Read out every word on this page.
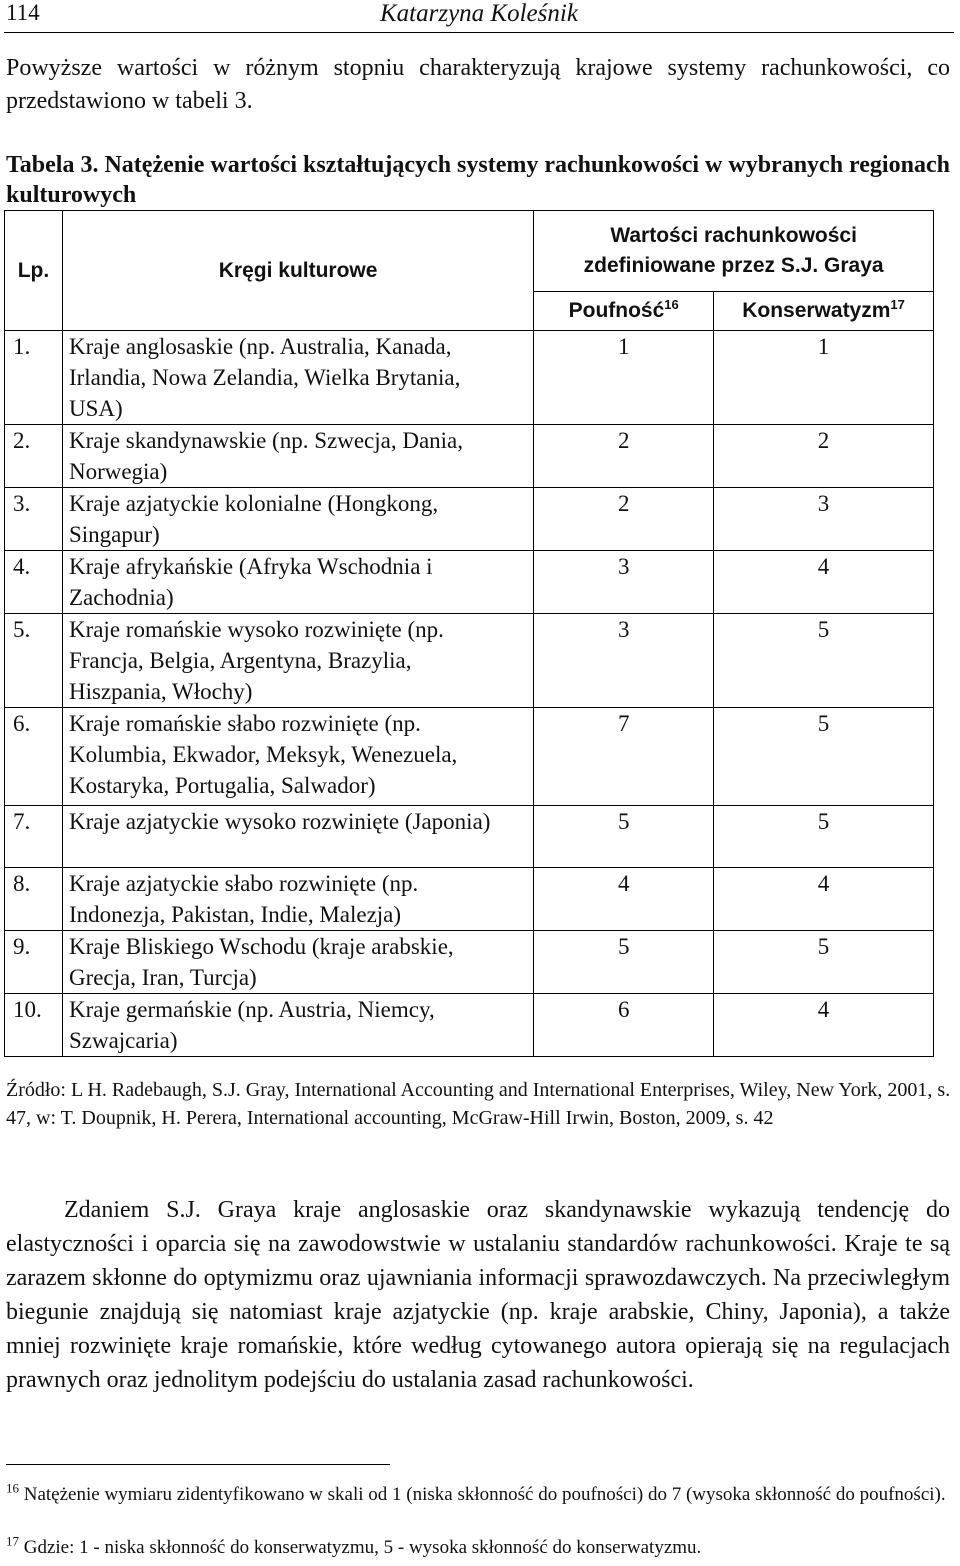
114	Katarzyna Koleśnik

Powyższe wartości w różnym stopniu charakteryzują krajowe systemy rachunkowości, co przedstawiono w tabeli 3.

Tabela 3. Natężenie wartości kształtujących systemy rachunkowości w wybranych regionach kulturowych
Lp.	Kręgi kulturowe	Wartości rachunkowości zdefiniowane przez S.J. Graya	
		Poufność$^{16}$	Konserwatyzm$^{17}$
1.	Kraje anglosaskie (np. Australia, Kanada, Irlandia, Nowa Zelandia, Wielka Brytania, USA)	1	1
2.	Kraje skandynawskie (np. Szwecja, Dania, Norwegia)	2	2
3.	Kraje azjatyckie kolonialne (Hongkong, Singapur)	2	3
4.	Kraje afrykańskie (Afryka Wschodnia i Zachodnia)	3	4
5.	Kraje romańskie wysoko rozwinięte (np. Francja, Belgia, Argentyna, Brazylia, Hiszpania, Włochy)	3	5
6.	Kraje romańskie słabo rozwinięte (np. Kolumbia, Ekwador, Meksyk, Wenezuela, Kostaryka, Portugalia, Salwador)	7	5
7.	Kraje azjatyckie wysoko rozwinięte (Japonia)	5	5
8.	Kraje azjatyckie słabo rozwinięte (np. Indonezja, Pakistan, Indie, Malezja)	4	4
9.	Kraje Bliskiego Wschodu (kraje arabskie, Grecja, Iran, Turcja)	5	5
10.	Kraje germańskie (np. Austria, Niemcy, Szwajcaria)	6	4
Źródło: L H. Radebaugh, S.J. Gray, International Accounting and International Enterprises, Wiley, New York, 2001, s. 47, w: T. Doupnik, H. Perera, International accounting, McGraw-Hill Irwin, Boston, 2009, s. 42

Zdaniem S.J. Graya kraje anglosaskie oraz skandynawskie wykazują tendencję do elastyczności i oparcia się na zawodowstwie w ustalaniu standardów rachunkowości. Kraje te są zarazem skłonne do optymizmu oraz ujawniania informacji sprawozdawczych. Na przeciwległym biegunie znajdują się natomiast kraje azjatyckie (np. kraje arabskie, Chiny, Japonia), a także mniej rozwinięte kraje romańskie, które według cytowanego autora opierają się na regulacjach prawnych oraz jednolitym podejściu do ustalania zasad rachunkowości.

$^{16}$ Natężenie wymiaru zidentyfikowano w skali od 1 (niska skłonność do poufności) do 7 (wysoka skłonność do poufności).
$^{17}$ Gdzie: 1 - niska skłonność do konserwatyzmu, 5 - wysoka skłonność do konserwatyzmu.
